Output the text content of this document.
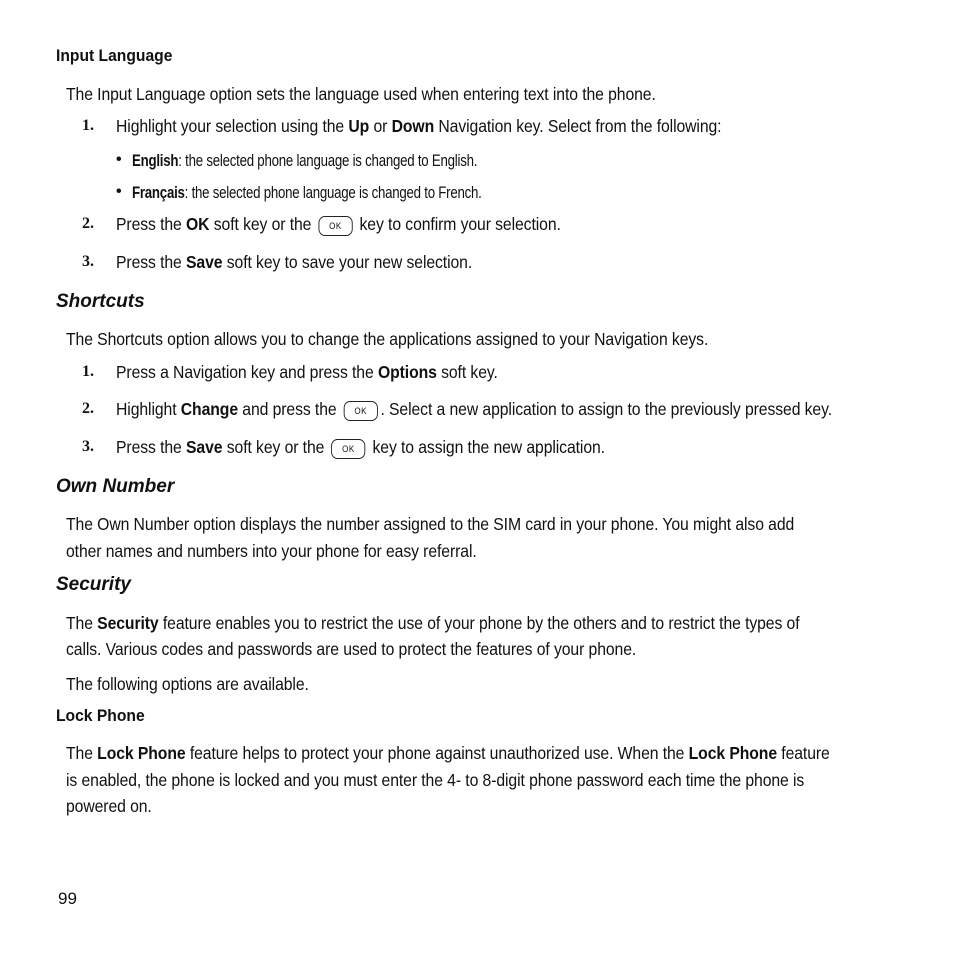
Input Language
The Input Language option sets the language used when entering text into the phone.
1. Highlight your selection using the Up or Down Navigation key. Select from the following:
• English: the selected phone language is changed to English.
• Français: the selected phone language is changed to French.
2. Press the OK soft key or the OK key to confirm your selection.
3. Press the Save soft key to save your new selection.
Shortcuts
The Shortcuts option allows you to change the applications assigned to your Navigation keys.
1. Press a Navigation key and press the Options soft key.
2. Highlight Change and press the OK . Select a new application to assign to the previously pressed key.
3. Press the Save soft key or the OK key to assign the new application.
Own Number
The Own Number option displays the number assigned to the SIM card in your phone. You might also add
other names and numbers into your phone for easy referral.
Security
The Security feature enables you to restrict the use of your phone by the others and to restrict the types of
calls. Various codes and passwords are used to protect the features of your phone.
The following options are available.
Lock Phone
The Lock Phone feature helps to protect your phone against unauthorized use. When the Lock Phone feature
is enabled, the phone is locked and you must enter the 4- to 8-digit phone password each time the phone is
powered on.
99
